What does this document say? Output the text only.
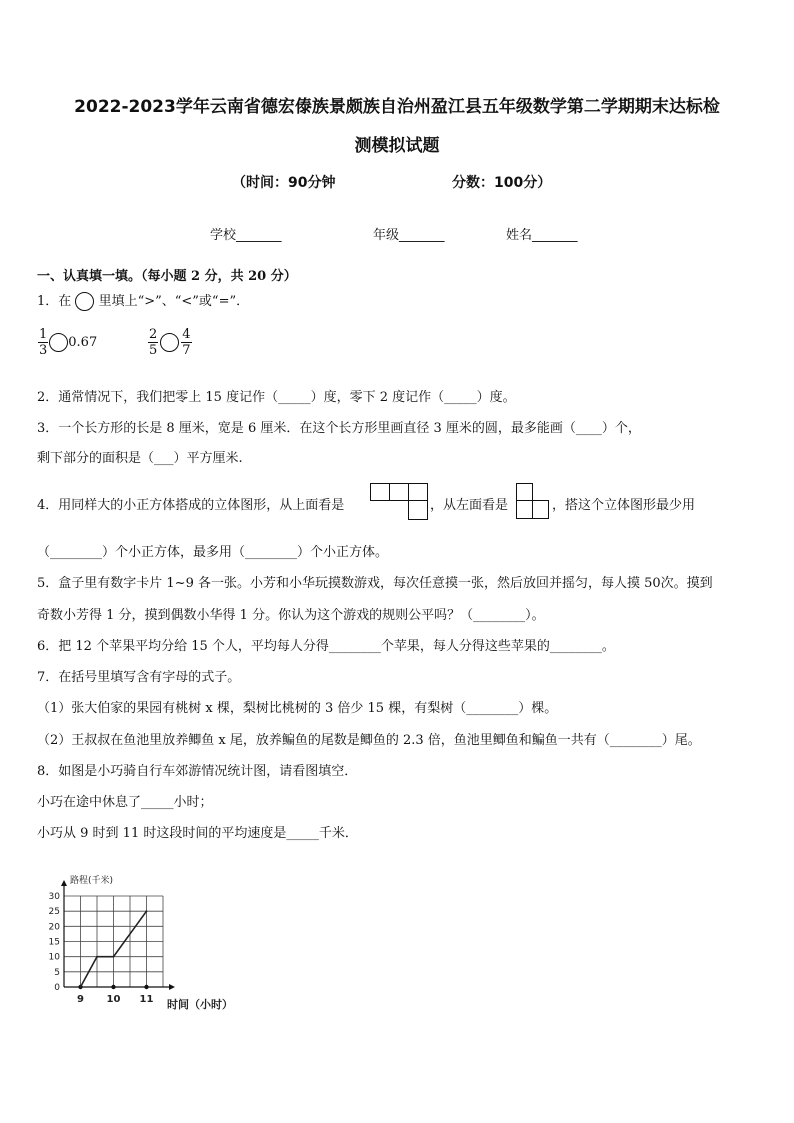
2022-2023学年云南省德宏傣族景颇族自治州盈江县五年级数学第二学期期末达标检
测模拟试题
（时间：90分钟	分数：100分）
学校_______	年级_______	姓名_______
一、认真填一填。（每小题 2 分，共 20 分）
1．在 里填上“>”、“<”或“=”．
$\frac{1}{3} 0.67$	$\frac{2}{5} \frac{4}{7}$
2．通常情况下，我们把零上 15 度记作（_____）度，零下 2 度记作（_____）度。
3．一个长方形的长是 8 厘米，宽是 6 厘米．在这个长方形里画直径 3 厘米的圆，最多能画（____）个，
剩下部分的面积是（___）平方厘米.
4．用同样大的小正方体搭成的立体图形，从上面看是	，从左面看是	，搭这个立体图形最少用
（________）个小正方体，最多用（________）个小正方体。
5．盒子里有数字卡片 1~9 各一张。小芳和小华玩摸数游戏，每次任意摸一张，然后放回并摇匀，每人摸 50次。摸到
奇数小芳得 1 分，摸到偶数小华得 1 分。你认为这个游戏的规则公平吗？（________）。
6．把 12 个苹果平均分给 15 个人，平均每人分得________个苹果，每人分得这些苹果的________。
7．在括号里填写含有字母的式子。
（1）张大伯家的果园有桃树 x 棵，梨树比桃树的 3 倍少 15 棵，有梨树（________）棵。
（2）王叔叔在鱼池里放养鲫鱼 x 尾，放养鳊鱼的尾数是鲫鱼的 2.3 倍，鱼池里鲫鱼和鳊鱼一共有（________）尾。
8．如图是小巧骑自行车郊游情况统计图，请看图填空．
小巧在途中休息了_____小时；
小巧从 9 时到 11 时这段时间的平均速度是_____千米．
0
5
10
15
20
25
30
9 10 11
路程(千米)
时间（小时）
